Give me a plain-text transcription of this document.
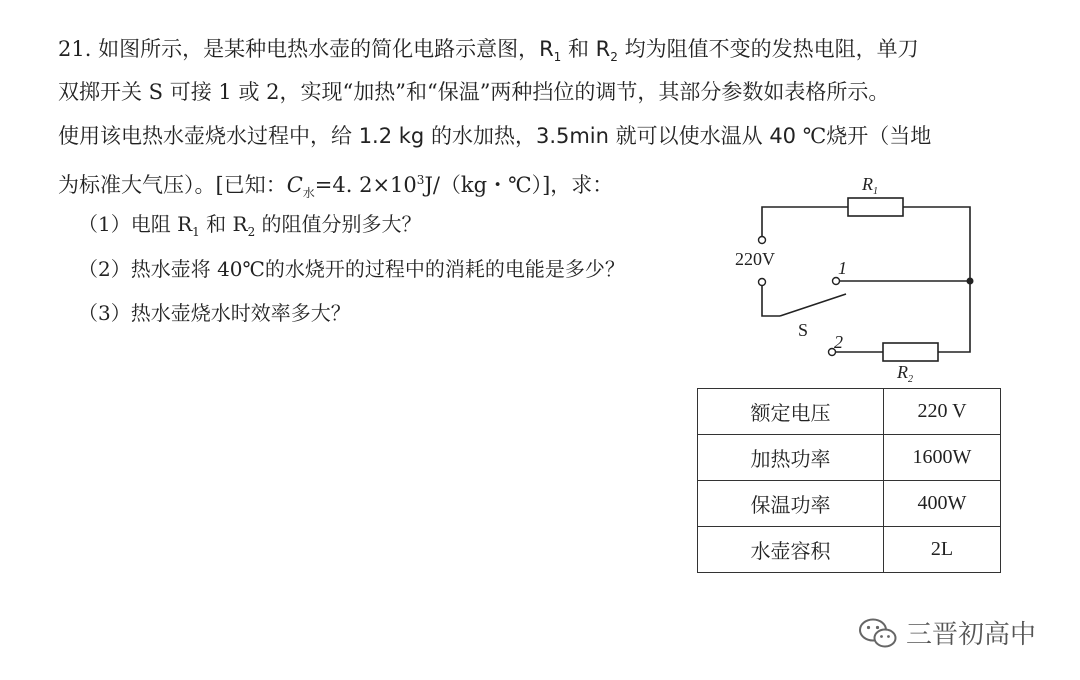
21. 如图所示，是某种电热水壶的简化电路示意图，$R_1$ 和 $R_2$ 均为阻值不变的发热电阻，单刀
双掷开关 S 可接 1 或 2，实现“加热”和“保温”两种挡位的调节，其部分参数如表格所示。
使用该电热水壶烧水过程中，给 1.2 kg 的水加热，3.5min 就可以使水温从 40 ℃烧开（当地
为标准大气压）。[已知：$C_水=4$. $2\times 10^3J/(kg$・℃）]，求：
（1）电阻 $R_1$ 和 $R_2$ 的阻值分别多大？
（2）热水壶将 40℃的水烧开的过程中的消耗的电能是多少？
（3）热水壶烧水时效率多大？
$R_1$
$R_2$
220V
S
1
2
额定电压	220 V
加热功率	1600W
保温功率	400W
水壶容积	2L
三晋初高中
